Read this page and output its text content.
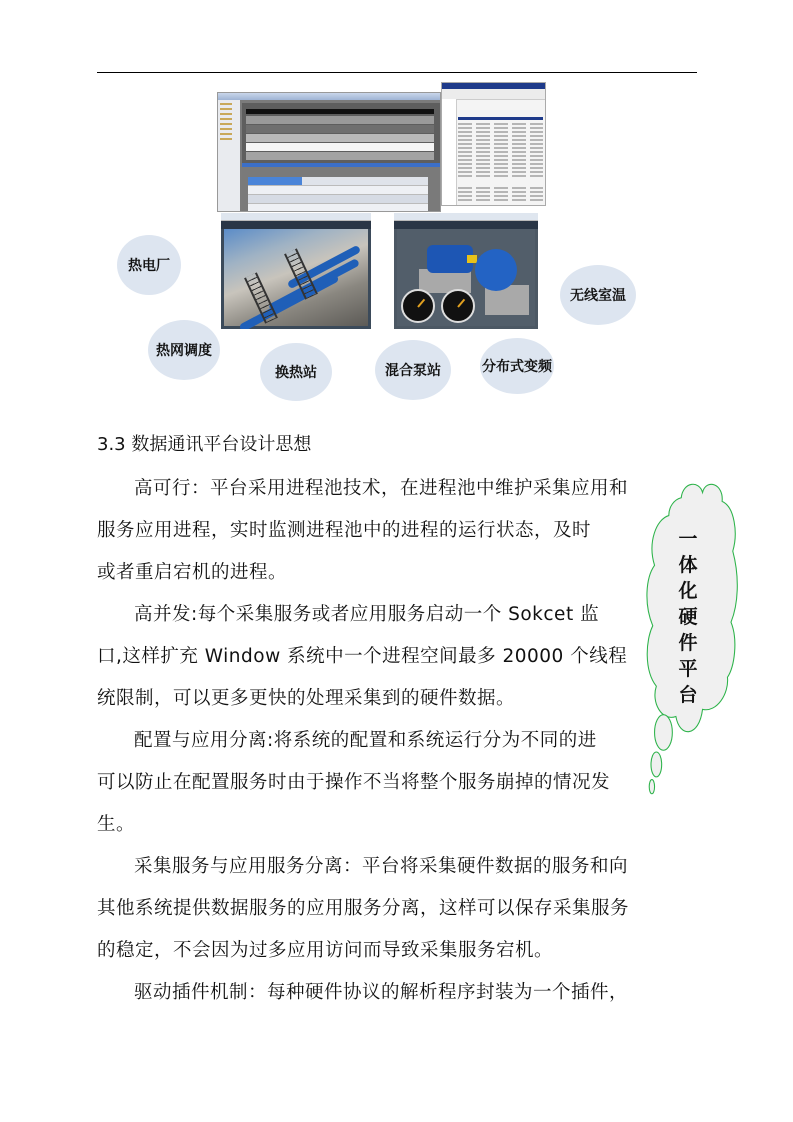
热电厂
热网调度
换热站	混合泵站	分布式变频
无线室温
3.3 数据通讯平台设计思想

高可行：平台采用进程池技术，在进程池中维护采集应用和
服务应用进程，实时监测进程池中的进程的运行状态，及时
或者重启宕机的进程。

高并发:每个采集服务或者应用服务启动一个 Sokcet 监
口,这样扩充 Window 系统中一个进程空间最多 20000 个线程
统限制，可以更多更快的处理采集到的硬件数据。

配置与应用分离:将系统的配置和系统运行分为不同的进
可以防止在配置服务时由于操作不当将整个服务崩掉的情况发
生。

采集服务与应用服务分离：平台将采集硬件数据的服务和向
其他系统提供数据服务的应用服务分离，这样可以保存采集服务
的稳定，不会因为过多应用访问而导致采集服务宕机。

驱动插件机制：每种硬件协议的解析程序封装为一个插件，

一
体
化
硬
件
平
台
